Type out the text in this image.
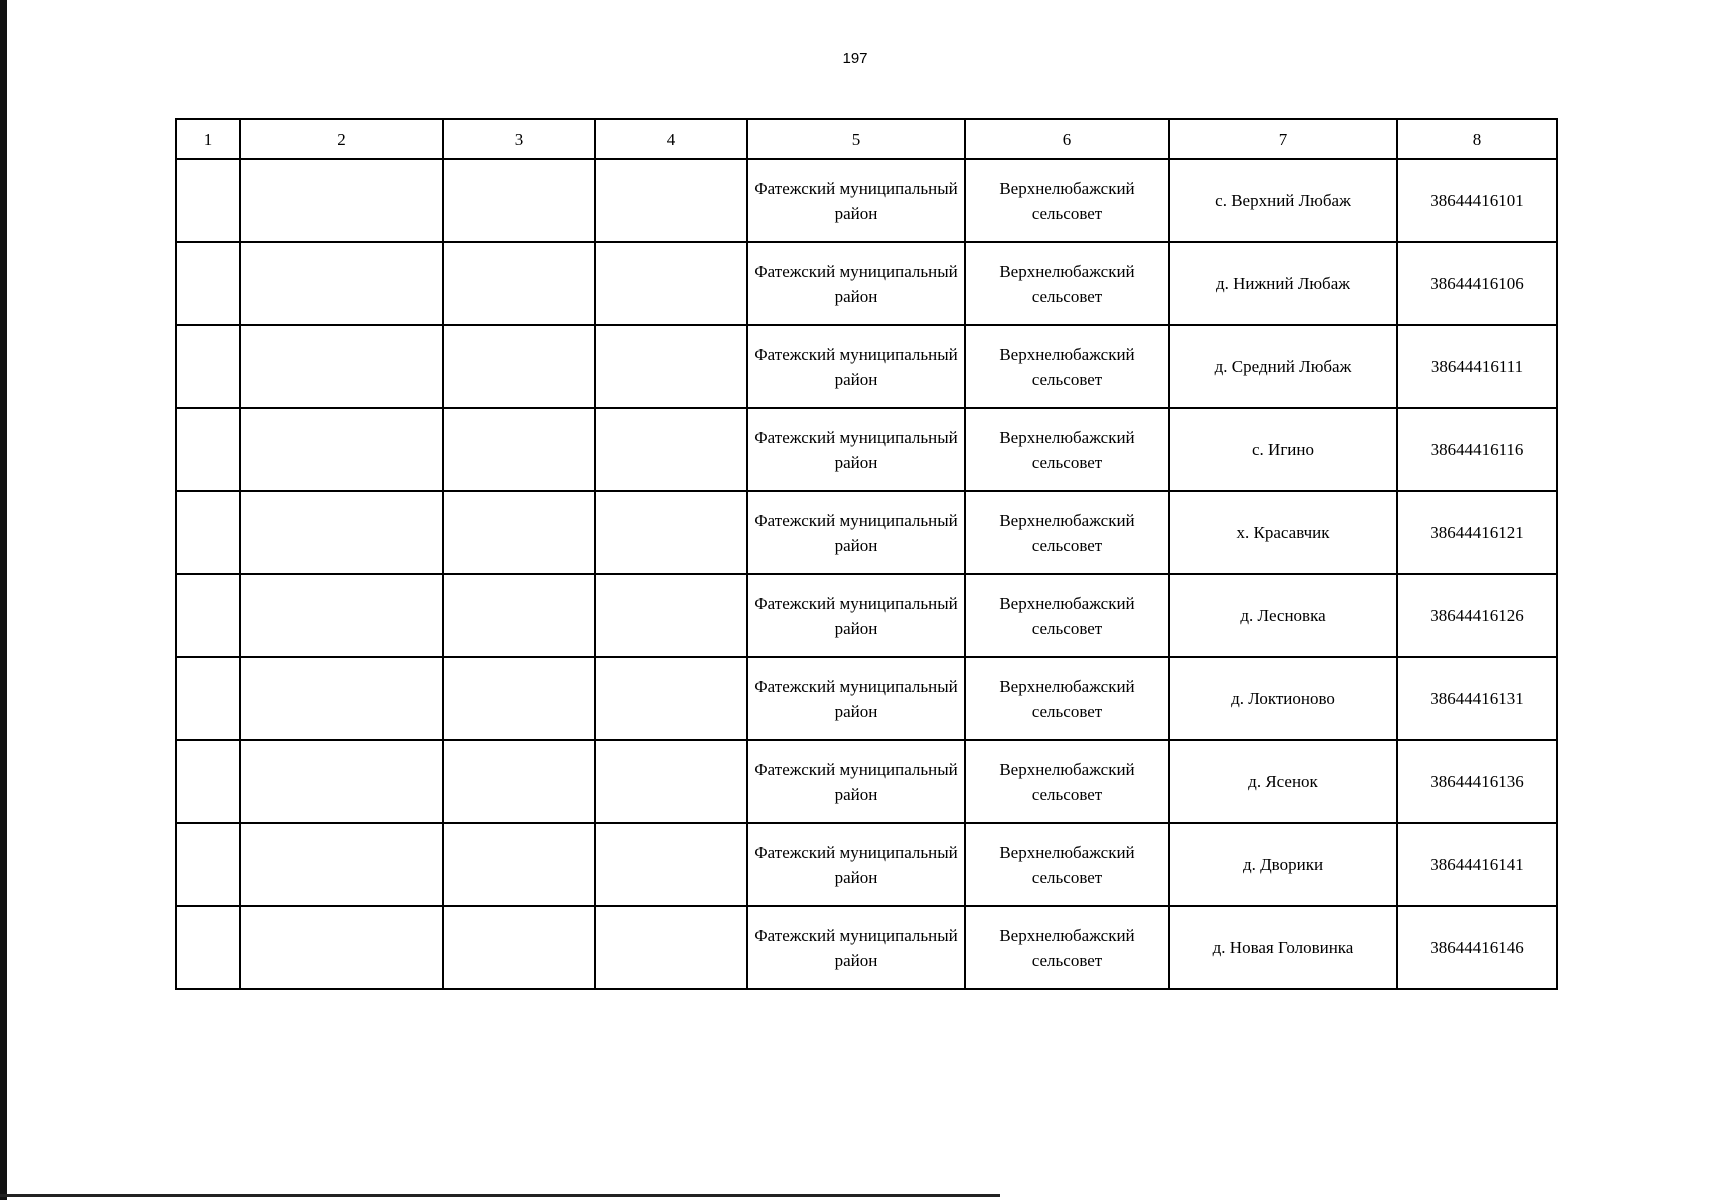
197
1	2	3	4	5	6	7	8
				Фатежский муниципальный район	Верхнелюбажский сельсовет	с. Верхний Любаж	38644416101
				Фатежский муниципальный район	Верхнелюбажский сельсовет	д. Нижний Любаж	38644416106
				Фатежский муниципальный район	Верхнелюбажский сельсовет	д. Средний Любаж	38644416111
				Фатежский муниципальный район	Верхнелюбажский сельсовет	с. Игино	38644416116
				Фатежский муниципальный район	Верхнелюбажский сельсовет	х. Красавчик	38644416121
				Фатежский муниципальный район	Верхнелюбажский сельсовет	д. Лесновка	38644416126
				Фатежский муниципальный район	Верхнелюбажский сельсовет	д. Локтионово	38644416131
				Фатежский муниципальный район	Верхнелюбажский сельсовет	д. Ясенок	38644416136
				Фатежский муниципальный район	Верхнелюбажский сельсовет	д. Дворики	38644416141
				Фатежский муниципальный район	Верхнелюбажский сельсовет	д. Новая Головинка	38644416146
